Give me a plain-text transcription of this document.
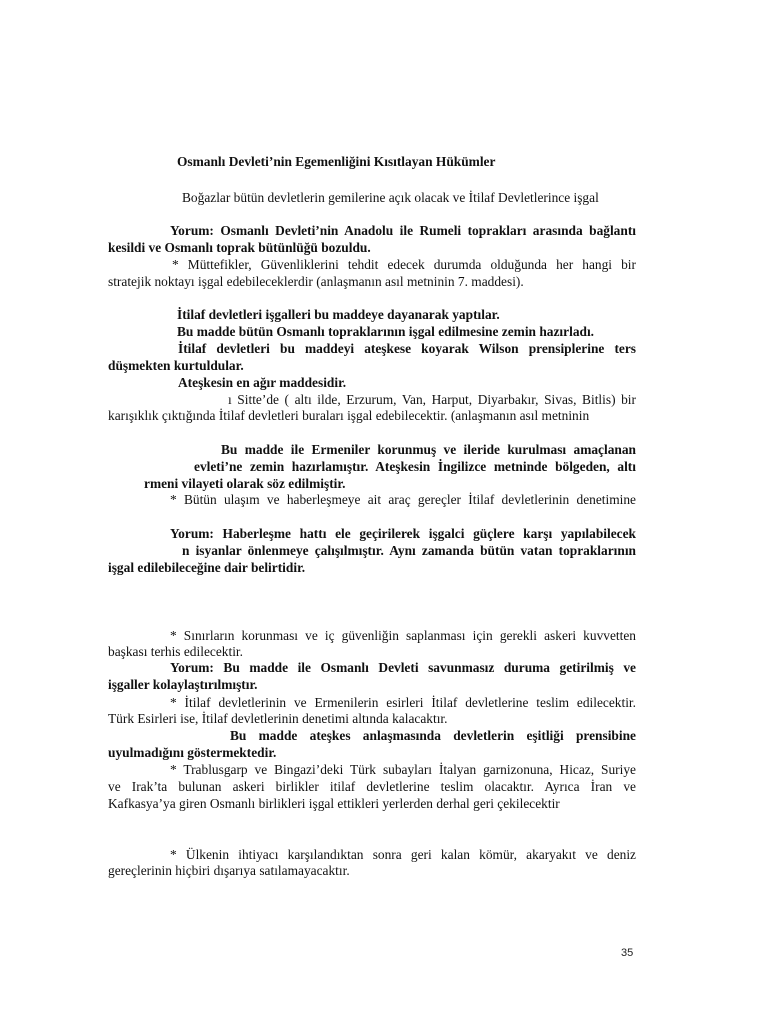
Osmanlı Devleti’nin Egemenliğini Kısıtlayan Hükümler
Boğazlar bütün devletlerin gemilerine açık olacak ve İtilaf Devletlerince işgal
Yorum: Osmanlı Devleti’nin Anadolu ile Rumeli toprakları arasında bağlantı
kesildi ve Osmanlı toprak bütünlüğü bozuldu.
* Müttefikler, Güvenliklerini tehdit edecek durumda olduğunda her hangi bir
stratejik noktayı işgal edebileceklerdir (anlaşmanın asıl metninin 7. maddesi).
İtilaf devletleri işgalleri bu maddeye dayanarak yaptılar.
Bu madde bütün Osmanlı topraklarının işgal edilmesine zemin hazırladı.
İtilaf devletleri bu maddeyi ateşkese koyarak Wilson prensiplerine ters
düşmekten kurtuldular.
Ateşkesin en ağır maddesidir.
ı Sitte’de ( altı ilde, Erzurum, Van, Harput, Diyarbakır, Sivas, Bitlis) bir
karışıklık çıktığında İtilaf devletleri buraları işgal edebilecektir. (anlaşmanın asıl metninin
Bu madde ile Ermeniler korunmuş ve ileride kurulması amaçlanan
evleti’ne zemin hazırlamıştır. Ateşkesin İngilizce metninde bölgeden, altı
rmeni vilayeti olarak söz edilmiştir.
* Bütün ulaşım ve haberleşmeye ait araç gereçler İtilaf devletlerinin denetimine
Yorum: Haberleşme hattı ele geçirilerek işgalci güçlere karşı yapılabilecek
n isyanlar önlenmeye çalışılmıştır. Aynı zamanda bütün vatan topraklarının
işgal edilebileceğine dair belirtidir.
* Sınırların korunması ve iç güvenliğin saplanması için gerekli askeri kuvvetten
başkası terhis edilecektir.
Yorum: Bu madde ile Osmanlı Devleti savunmasız duruma getirilmiş ve
işgaller kolaylaştırılmıştır.
* İtilaf devletlerinin ve Ermenilerin esirleri İtilaf devletlerine teslim edilecektir.
Türk Esirleri ise, İtilaf devletlerinin denetimi altında kalacaktır.
Bu madde ateşkes anlaşmasında devletlerin eşitliği prensibine
uyulmadığını göstermektedir.
* Trablusgarp ve Bingazi’deki Türk subayları İtalyan garnizonuna, Hicaz, Suriye
ve Irak’ta bulunan askeri birlikler itilaf devletlerine teslim olacaktır. Ayrıca İran ve
Kafkasya’ya giren Osmanlı birlikleri işgal ettikleri yerlerden derhal geri çekilecektir
* Ülkenin ihtiyacı karşılandıktan sonra geri kalan kömür, akaryakıt ve deniz
gereçlerinin hiçbiri dışarıya satılamayacaktır.
35
